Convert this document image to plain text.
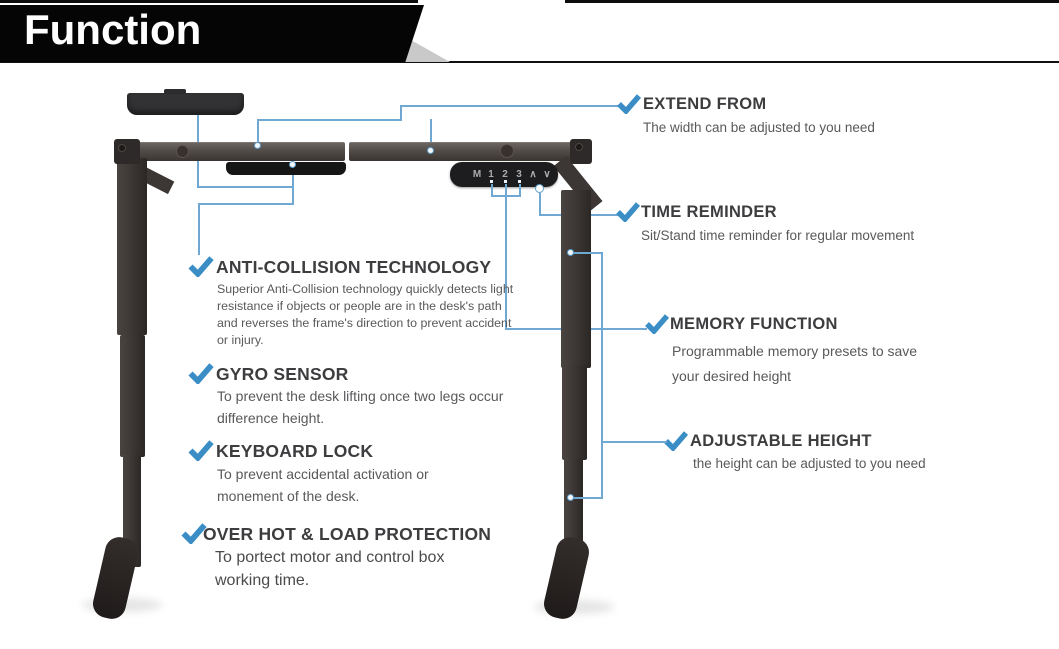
Function
M 1 2 3 ∧ ∨
EXTEND FROM
The width can be adjusted to you need
TIME REMINDER
Sit/Stand time reminder for regular movement
MEMORY FUNCTION
Programmable memory presets to save your desired height
ADJUSTABLE HEIGHT
the height can be adjusted to you need
ANTI-COLLISION TECHNOLOGY
Superior Anti-Collision technology quickly detects light resistance if objects or people are in the desk's path and reverses the frame's direction to prevent accident or injury.
GYRO SENSOR
To prevent the desk lifting once two legs occur difference height.
KEYBOARD LOCK
To prevent accidental activation or monement of the desk.
OVER HOT & LOAD PROTECTION
To portect motor and control box working time.
